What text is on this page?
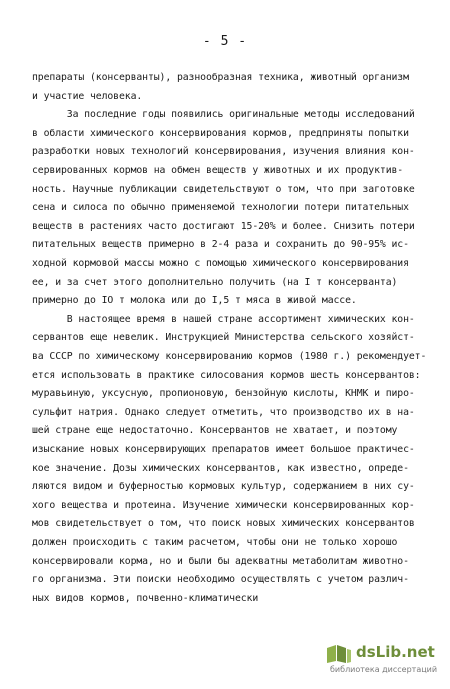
- 5 -
препараты (консерванты), разнообразная техника, животный организм
и участие человека.
За последние годы появились оригинальные методы исследований
в области химического консервирования кормов, предприняты попытки
разработки новых технологий консервирования, изучения влияния кон-
сервированных кормов на обмен веществ у животных и их продуктив-
ность. Научные публикации свидетельствуют о том, что при заготовке
сена и силоса по обычно применяемой технологии потери питательных
веществ в растениях часто достигают 15-20% и более. Снизить потери
питательных веществ примерно в 2-4 раза и сохранить до 90-95% ис-
ходной кормовой массы можно с помощью химического консервирования
ее, и за счет этого дополнительно получить (на I т консерванта)
примерно до IO т молока или до I,5 т мяса в живой массе.
В настоящее время в нашей стране ассортимент химических кон-
сервантов еще невелик. Инструкцией Министерства сельского хозяйст-
ва СССР по химическому консервированию кормов (1980 г.) рекомендует-
ется использовать в практике силосования кормов шесть консервантов:
муравьиную, уксусную, пропионовую, бензойную кислоты, КНМК и пиро-
сульфит натрия. Однако следует отметить, что производство их в на-
шей стране еще недостаточно. Консервантов не хватает, и поэтому
изыскание новых консервирующих препаратов имеет большое практичес-
кое значение. Дозы химических консервантов, как известно, опреде-
ляются видом и буферностью кормовых культур, содержанием в них су-
хого вещества и протеина. Изучение химически консервированных кор-
мов свидетельствует о том, что поиск новых химических консервантов
должен происходить с таким расчетом, чтобы они не только хорошо
консервировали корма, но и были бы адекватны метаболитам животно-
го организма. Эти поиски необходимо осуществлять с учетом различ-
ных видов кормов, почвенно-климатически
dsLib.net
библиотека диссертаций
